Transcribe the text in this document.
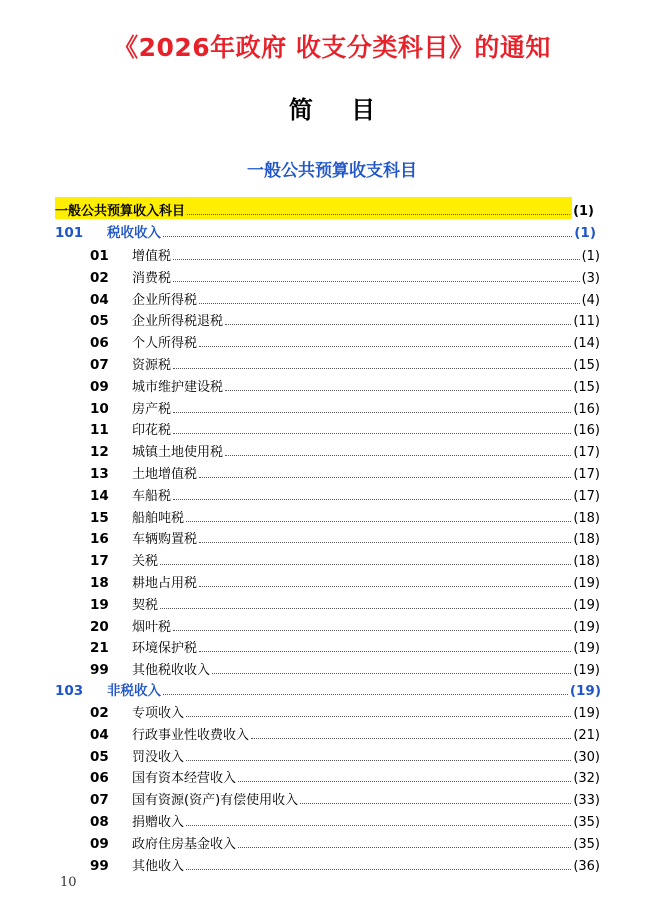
《2026年政府 收支分类科目》的通知
简 目
一般公共预算收支科目
一般公共预算收入科目	(1)
101	税收收入	(1)
01	增值税	(1)
02	消费税	(3)
04	企业所得税	(4)
05	企业所得税退税	(11)
06	个人所得税	(14)
07	资源税	(15)
09	城市维护建设税	(15)
10	房产税	(16)
11	印花税	(16)
12	城镇土地使用税	(17)
13	土地增值税	(17)
14	车船税	(17)
15	船舶吨税	(18)
16	车辆购置税	(18)
17	关税	(18)
18	耕地占用税	(19)
19	契税	(19)
20	烟叶税	(19)
21	环境保护税	(19)
99	其他税收收入	(19)
103	非税收入	(19)
02	专项收入	(19)
04	行政事业性收费收入	(21)
05	罚没收入	(30)
06	国有资本经营收入	(32)
07	国有资源(资产)有偿使用收入	(33)
08	捐赠收入	(35)
09	政府住房基金收入	(35)
99	其他收入	(36)
10
